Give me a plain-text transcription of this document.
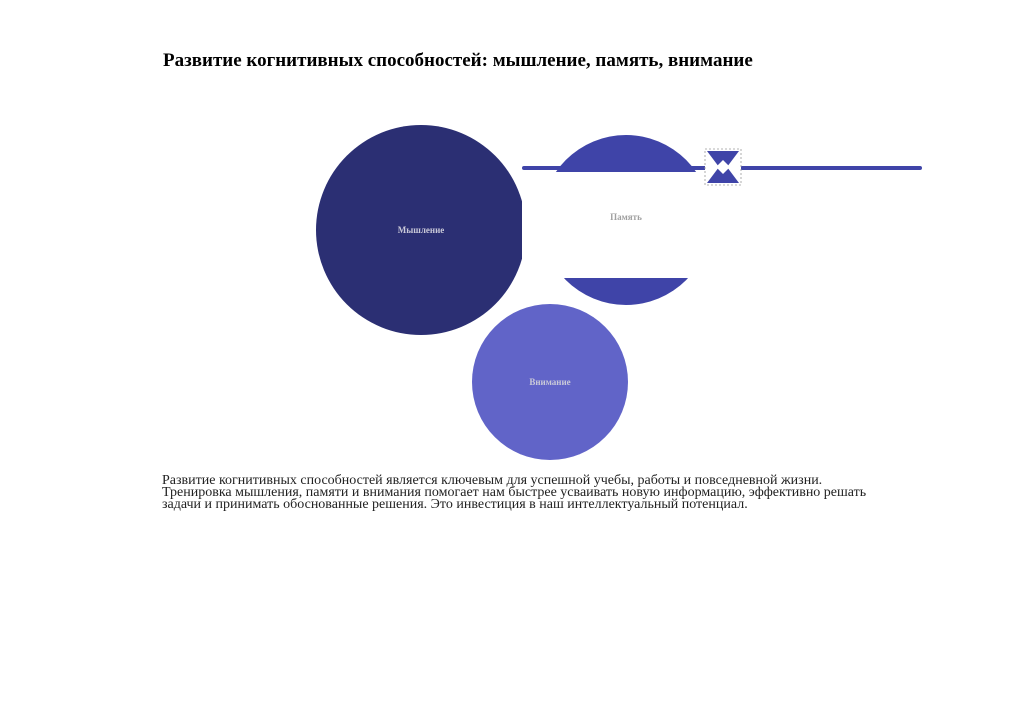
Развитие когнитивных способностей: мышление, память, внимание
Мышление
Память
Внимание

Развитие когнитивных способностей является ключевым для успешной учебы, работы и повседневной жизни. Тренировка мышления, памяти и внимания помогает нам быстрее усваивать новую информацию, эффективно решать задачи и принимать обоснованные решения. Это инвестиция в наш интеллектуальный потенциал.
